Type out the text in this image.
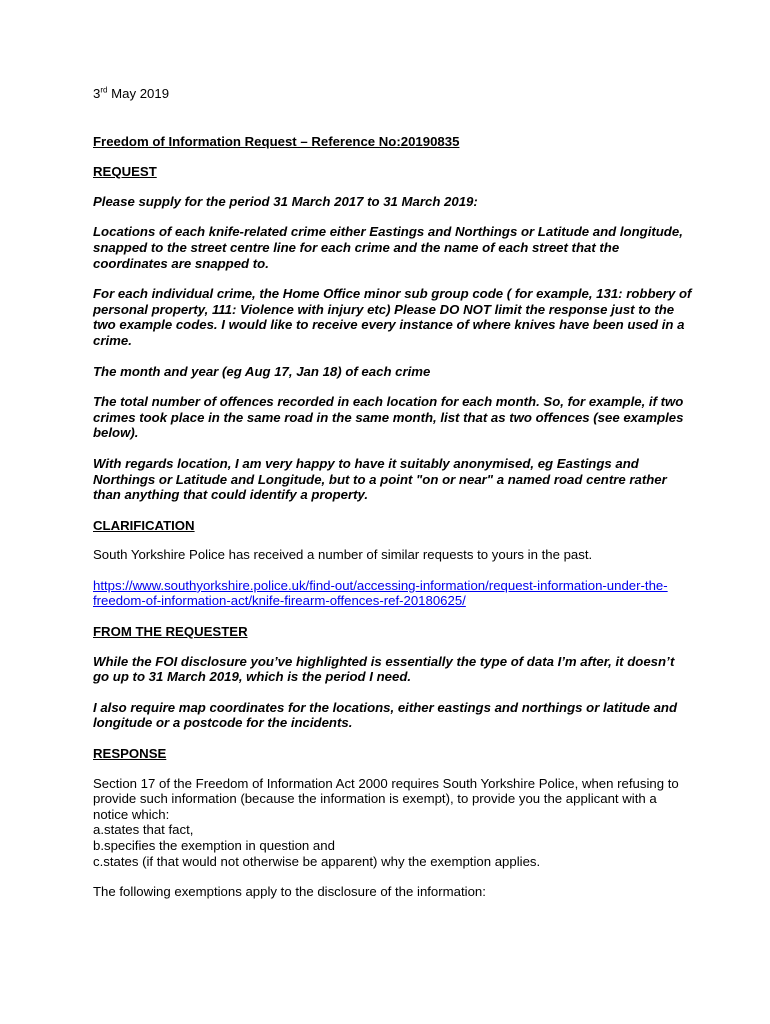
3rd May 2019

Freedom of Information Request – Reference No:20190835

REQUEST

Please supply for the period 31 March 2017 to 31 March 2019:

Locations of each knife-related crime either Eastings and Northings or Latitude and longitude, snapped to the street centre line for each crime and the name of each street that the coordinates are snapped to.

For each individual crime, the Home Office minor sub group code ( for example, 131: robbery of personal property, 111: Violence with injury etc) Please DO NOT limit the response just to the two example codes. I would like to receive every instance of where knives have been used in a crime.

The month and year (eg Aug 17, Jan 18) of each crime

The total number of offences recorded in each location for each month. So, for example, if two crimes took place in the same road in the same month, list that as two offences (see examples below).

With regards location, I am very happy to have it suitably anonymised, eg Eastings and Northings or Latitude and Longitude, but to a point "on or near" a named road centre rather than anything that could identify a property.

CLARIFICATION

South Yorkshire Police has received a number of similar requests to yours in the past.

https://www.southyorkshire.police.uk/find-out/accessing-information/request-information-under-the-freedom-of-information-act/knife-firearm-offences-ref-20180625/

FROM THE REQUESTER

While the FOI disclosure you’ve highlighted is essentially the type of data I’m after, it doesn’t go up to 31 March 2019, which is the period I need.

I also require map coordinates for the locations, either eastings and northings or latitude and longitude or a postcode for the incidents.

RESPONSE

Section 17 of the Freedom of Information Act 2000 requires South Yorkshire Police, when refusing to provide such information (because the information is exempt), to provide you the applicant with a notice which:
a.states that fact,
b.specifies the exemption in question and
c.states (if that would not otherwise be apparent) why the exemption applies.

The following exemptions apply to the disclosure of the information:
